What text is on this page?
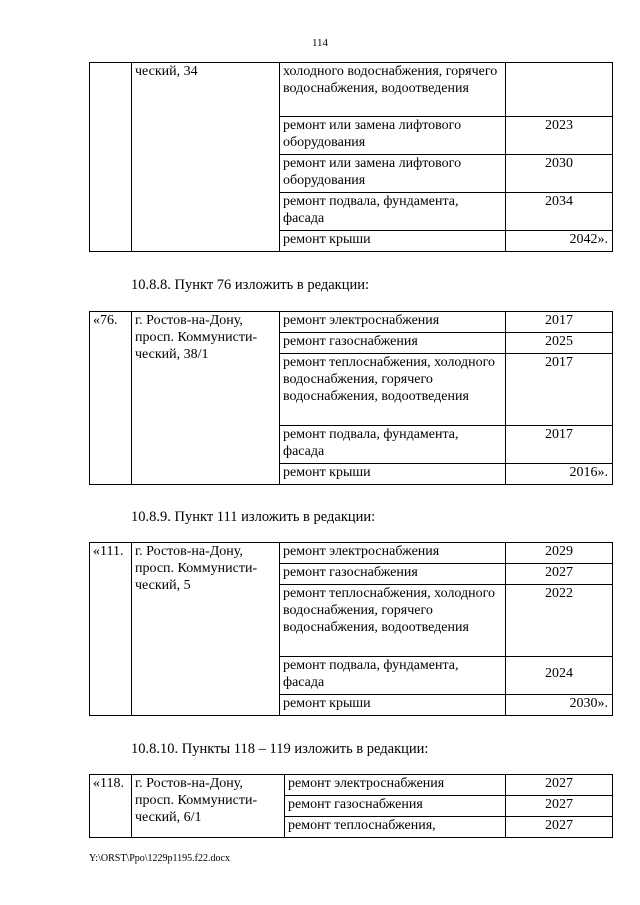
114
	ческий, 34	холодного водоснабжения, горячего водоснабжения, водоотведения	
		ремонт или замена лифтового оборудования	2023
		ремонт или замена лифтового оборудования	2030
		ремонт подвала, фундамента, фасада	2034
		ремонт крыши	2042».
10.8.8. Пункт 76 изложить в редакции:
«76.	г. Ростов-на-Дону, просп. Коммунисти-ческий, 38/1	ремонт электроснабжения	2017
		ремонт газоснабжения	2025
		ремонт теплоснабжения, холодного водоснабжения, горячего водоснабжения, водоотведения	2017
		ремонт подвала, фундамента, фасада	2017
		ремонт крыши	2016».
10.8.9. Пункт 111 изложить в редакции:
«111.	г. Ростов-на-Дону, просп. Коммунисти-ческий, 5	ремонт электроснабжения	2029
		ремонт газоснабжения	2027
		ремонт теплоснабжения, холодного водоснабжения, горячего водоснабжения, водоотведения	2022
		ремонт подвала, фундамента, фасада	2024
		ремонт крыши	2030».
10.8.10. Пункты 118 – 119 изложить в редакции:
«118.	г. Ростов-на-Дону, просп. Коммунисти-ческий, 6/1	ремонт электроснабжения	2027
		ремонт газоснабжения	2027
		ремонт теплоснабжения,	2027
Y:\ORST\Ppo\1229p1195.f22.docx
